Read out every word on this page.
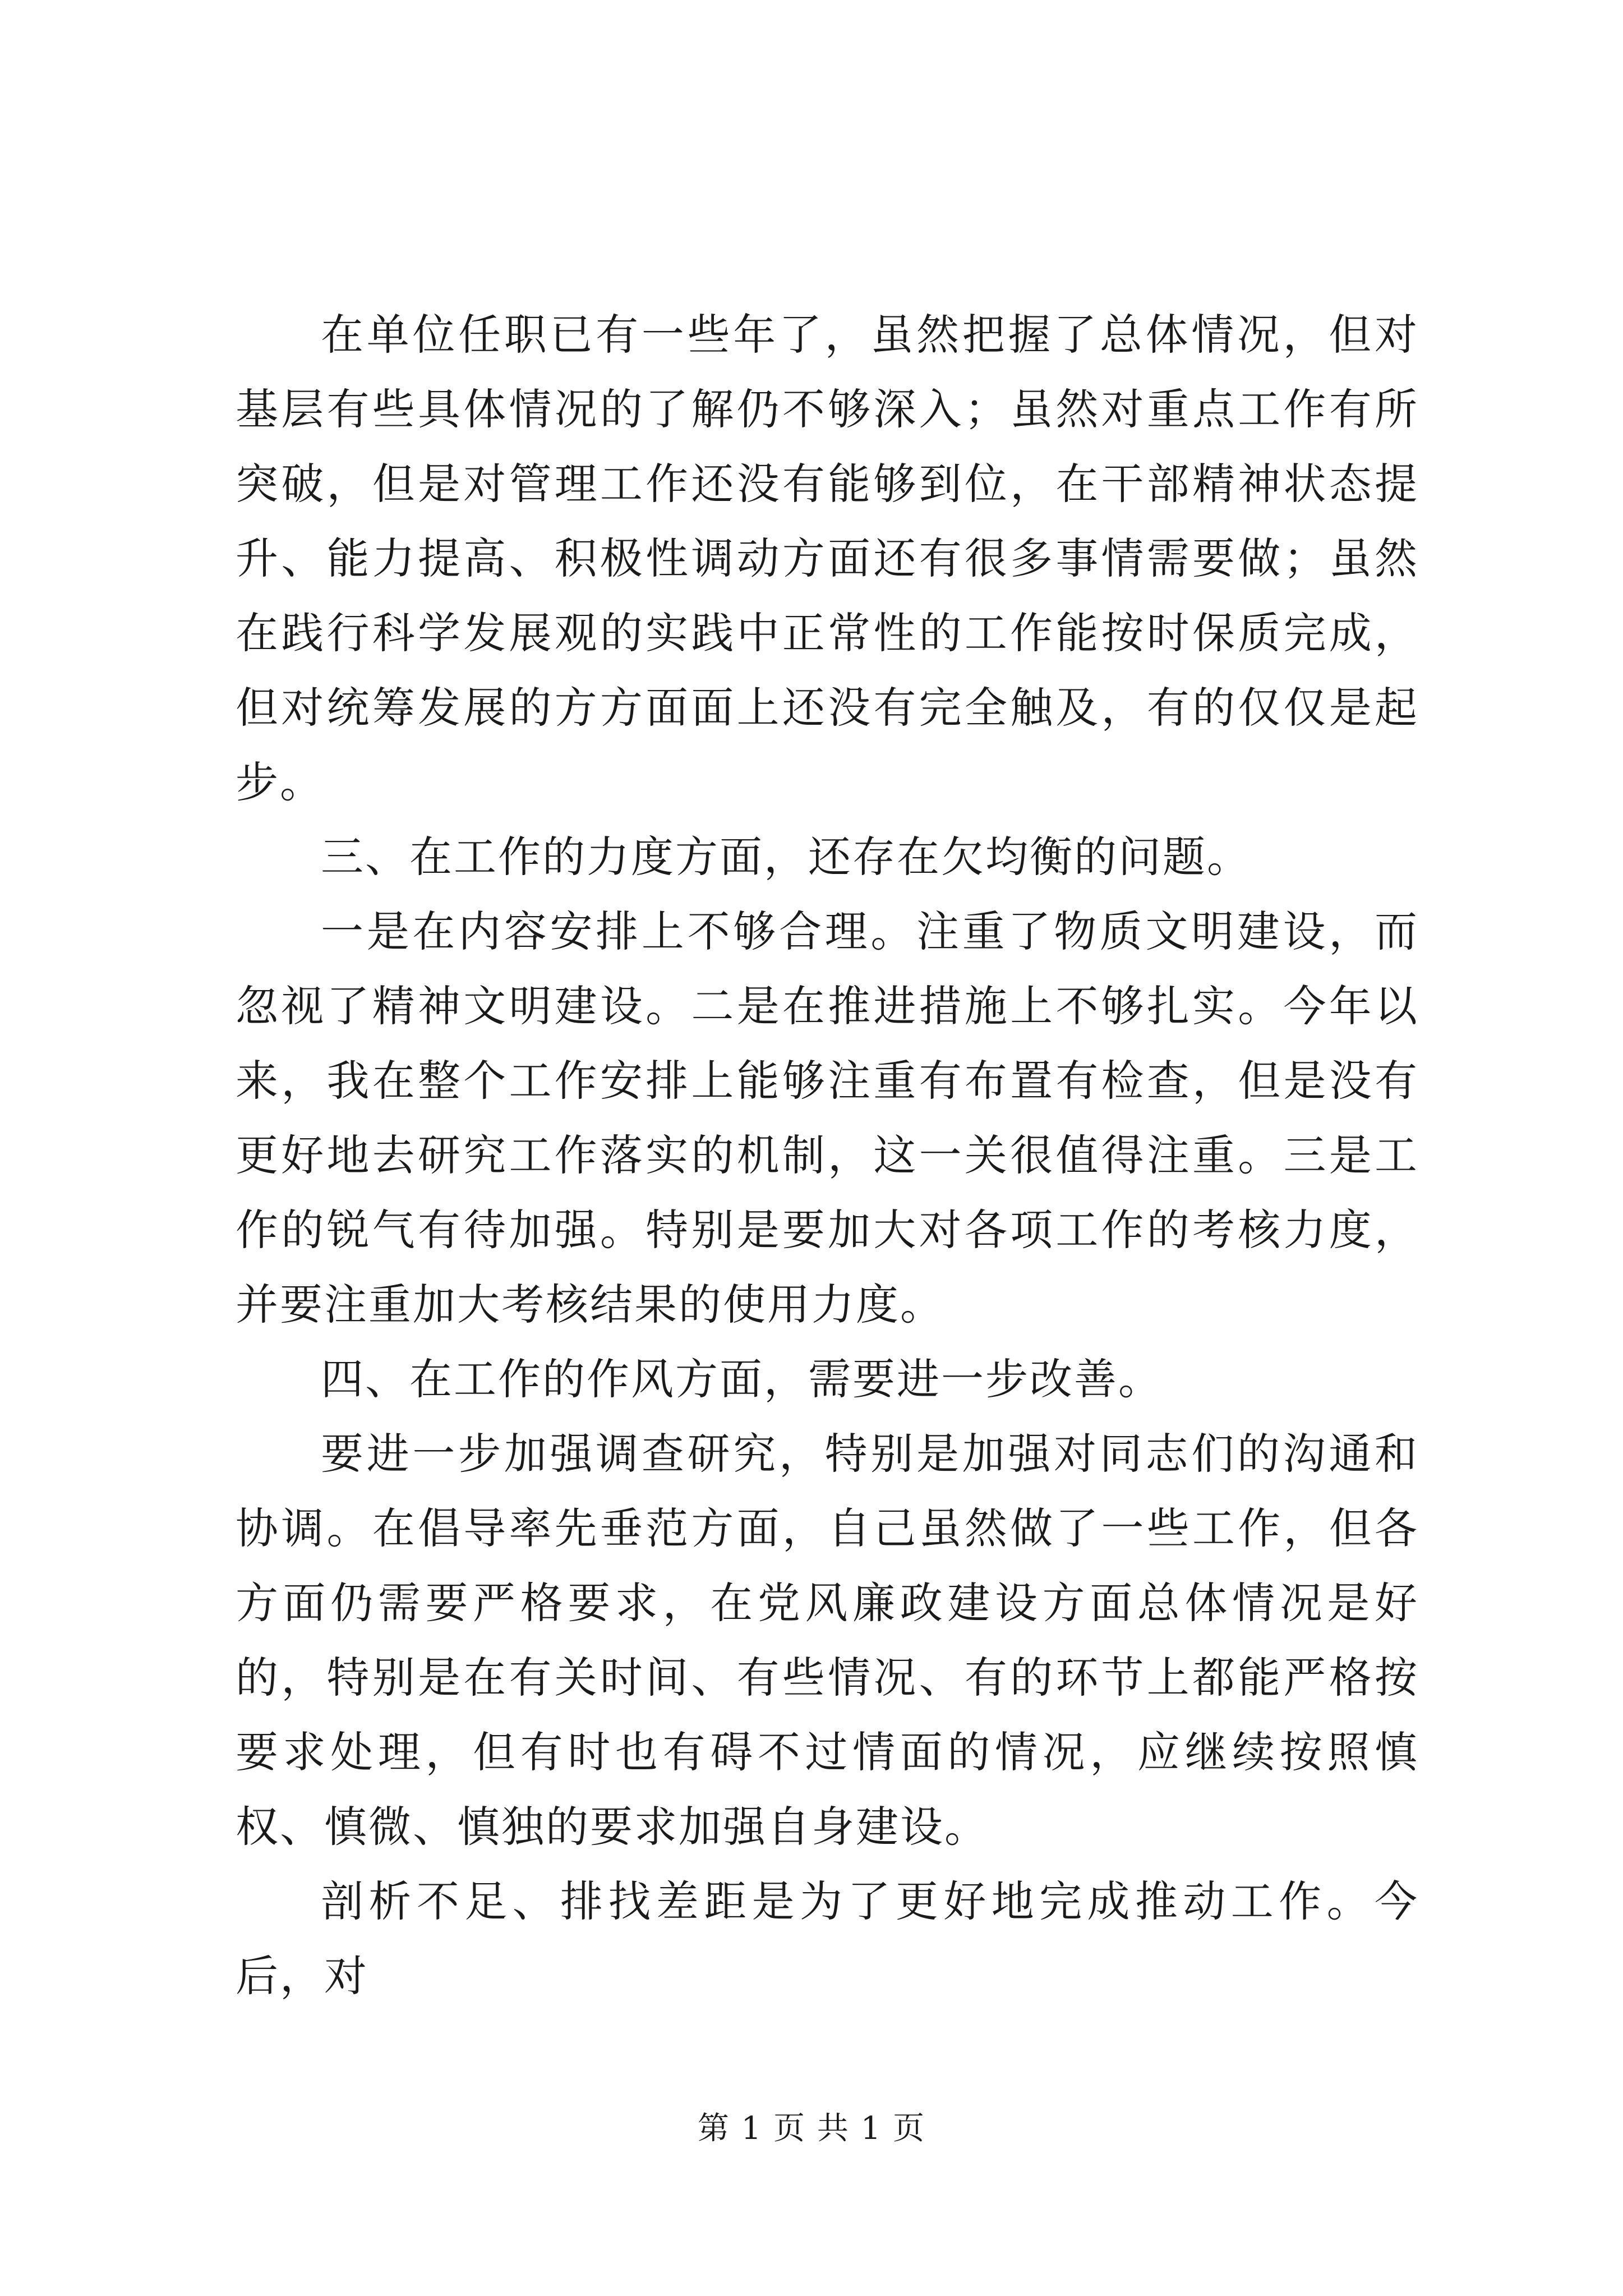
在单位任职已有一些年了，虽然把握了总体情况，但对基层有些具体情况的了解仍不够深入；虽然对重点工作有所突破，但是对管理工作还没有能够到位，在干部精神状态提升、能力提高、积极性调动方面还有很多事情需要做；虽然在践行科学发展观的实践中正常性的工作能按时保质完成，但对统筹发展的方方面面上还没有完全触及，有的仅仅是起步。

三、在工作的力度方面，还存在欠均衡的问题。

一是在内容安排上不够合理。注重了物质文明建设，而忽视了精神文明建设。二是在推进措施上不够扎实。今年以来，我在整个工作安排上能够注重有布置有检查，但是没有更好地去研究工作落实的机制，这一关很值得注重。三是工作的锐气有待加强。特别是要加大对各项工作的考核力度，并要注重加大考核结果的使用力度。

四、在工作的作风方面，需要进一步改善。

要进一步加强调查研究，特别是加强对同志们的沟通和协调。在倡导率先垂范方面，自己虽然做了一些工作，但各方面仍需要严格要求，在党风廉政建设方面总体情况是好的，特别是在有关时间、有些情况、有的环节上都能严格按要求处理，但有时也有碍不过情面的情况，应继续按照慎权、慎微、慎独的要求加强自身建设。

剖析不足、排找差距是为了更好地完成推动工作。今后，对

第 1 页 共 1 页
